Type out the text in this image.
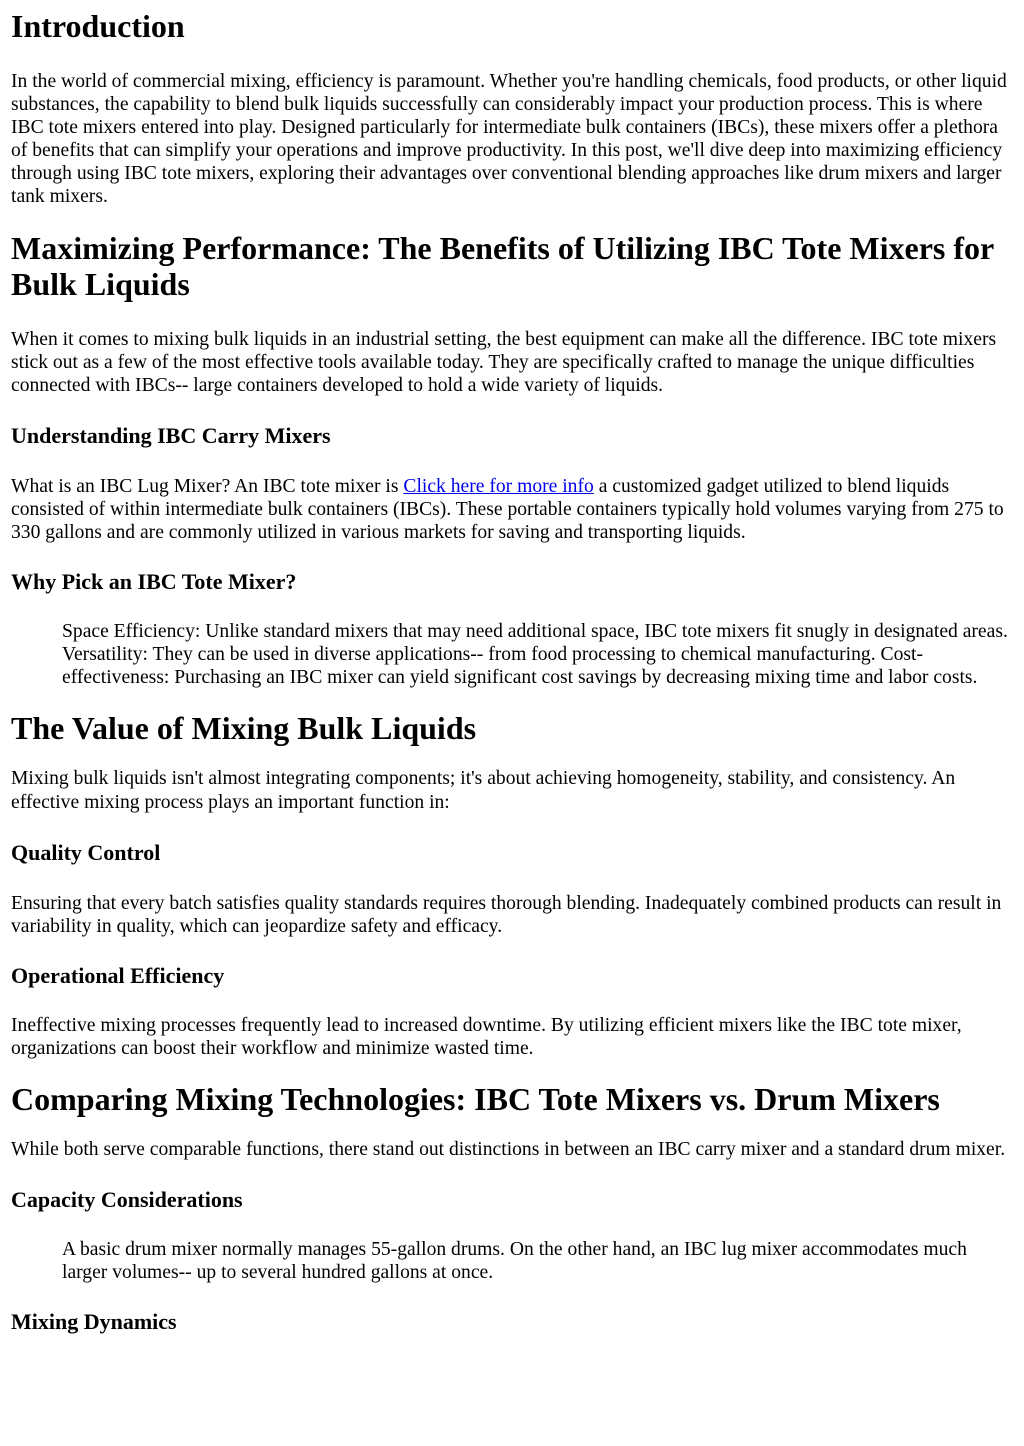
Introduction

In the world of commercial mixing, efficiency is paramount. Whether you're handling chemicals, food products, or other liquid substances, the capability to blend bulk liquids successfully can considerably impact your production process. This is where IBC tote mixers entered into play. Designed particularly for intermediate bulk containers (IBCs), these mixers offer a plethora of benefits that can simplify your operations and improve productivity. In this post, we'll dive deep into maximizing efficiency through using IBC tote mixers, exploring their advantages over conventional blending approaches like drum mixers and larger tank mixers.

Maximizing Performance: The Benefits of Utilizing IBC Tote Mixers for Bulk Liquids

When it comes to mixing bulk liquids in an industrial setting, the best equipment can make all the difference. IBC tote mixers stick out as a few of the most effective tools available today. They are specifically crafted to manage the unique difficulties connected with IBCs-- large containers developed to hold a wide variety of liquids.

Understanding IBC Carry Mixers

What is an IBC Lug Mixer? An IBC tote mixer is Click here for more info a customized gadget utilized to blend liquids consisted of within intermediate bulk containers (IBCs). These portable containers typically hold volumes varying from 275 to 330 gallons and are commonly utilized in various markets for saving and transporting liquids.

Why Pick an IBC Tote Mixer?
Space Efficiency: Unlike standard mixers that may need additional space, IBC tote mixers fit snugly in designated areas. Versatility: They can be used in diverse applications-- from food processing to chemical manufacturing. Cost-effectiveness: Purchasing an IBC mixer can yield significant cost savings by decreasing mixing time and labor costs.
The Value of Mixing Bulk Liquids

Mixing bulk liquids isn't almost integrating components; it's about achieving homogeneity, stability, and consistency. An effective mixing process plays an important function in:

Quality Control

Ensuring that every batch satisfies quality standards requires thorough blending. Inadequately combined products can result in variability in quality, which can jeopardize safety and efficacy.

Operational Efficiency

Ineffective mixing processes frequently lead to increased downtime. By utilizing efficient mixers like the IBC tote mixer, organizations can boost their workflow and minimize wasted time.

Comparing Mixing Technologies: IBC Tote Mixers vs. Drum Mixers

While both serve comparable functions, there stand out distinctions in between an IBC carry mixer and a standard drum mixer.

Capacity Considerations
A basic drum mixer normally manages 55-gallon drums. On the other hand, an IBC lug mixer accommodates much larger volumes-- up to several hundred gallons at once.
Mixing Dynamics
